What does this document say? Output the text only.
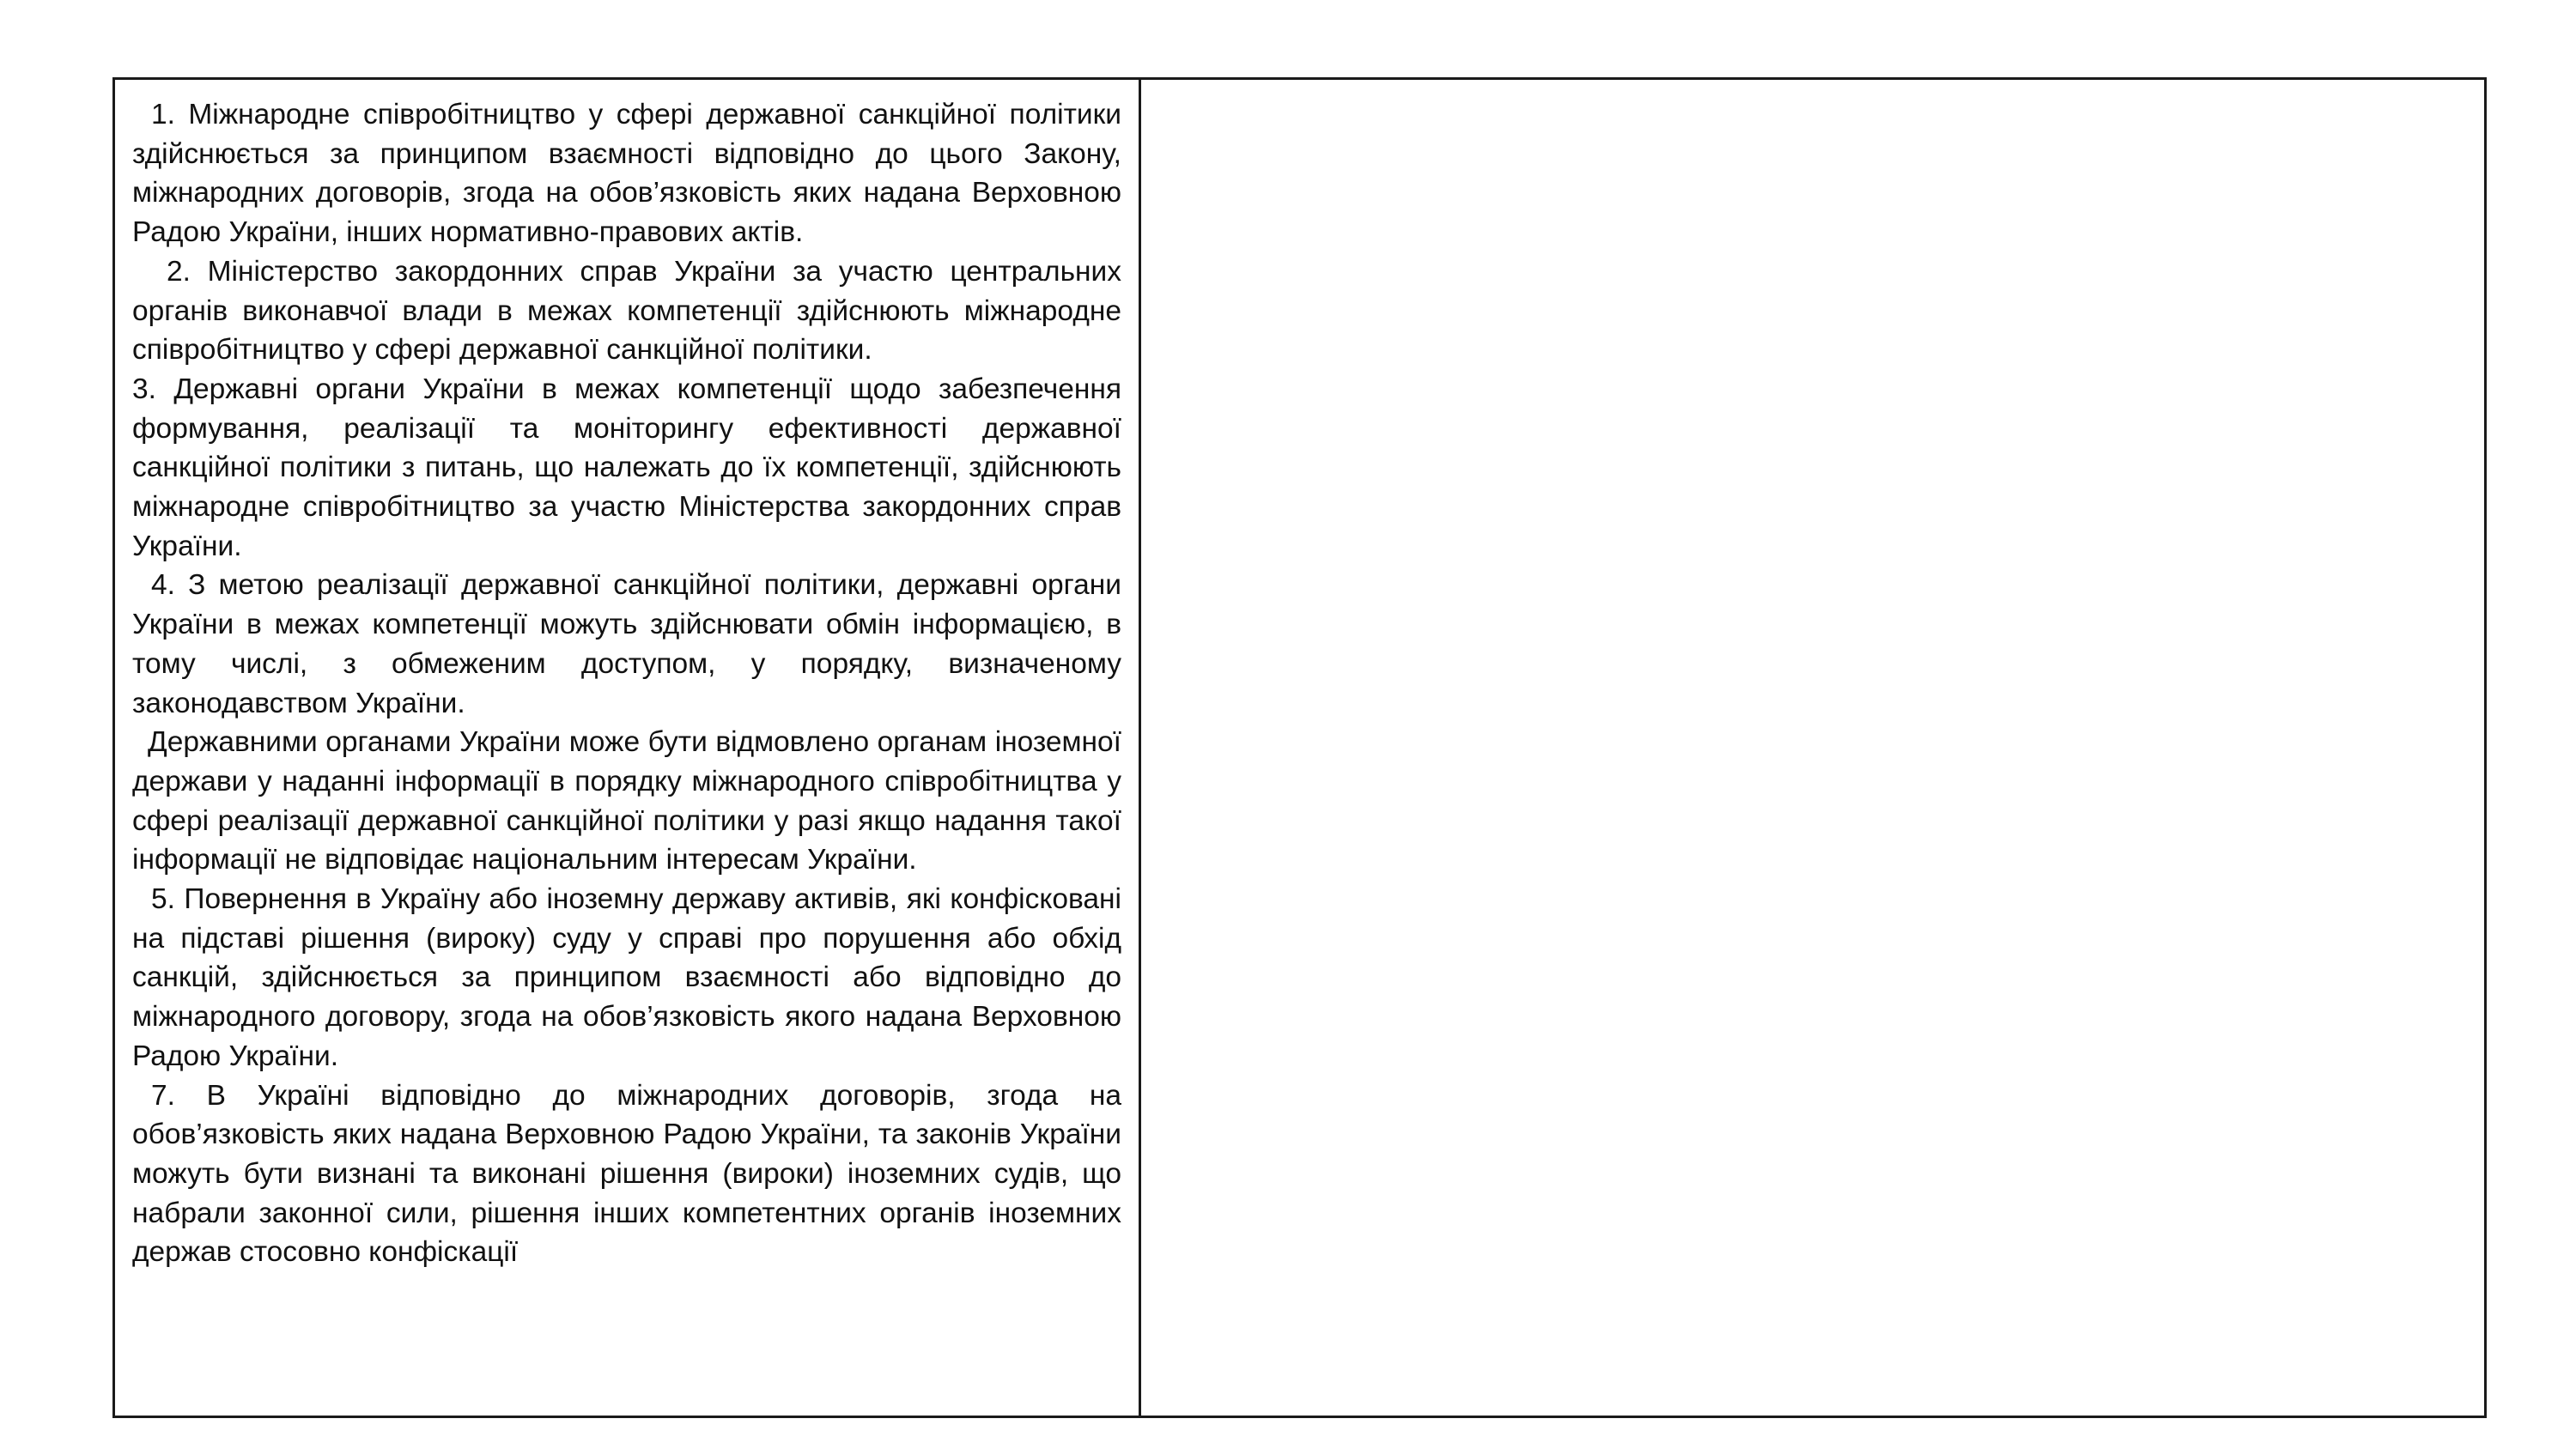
1. Міжнародне співробітництво у сфері державної санкційної політики здійснюється за принципом взаємності відповідно до цього Закону, міжнародних договорів, згода на обов’язковість яких надана Верховною Радою України, інших нормативно-правових актів.

2. Міністерство закордонних справ України за участю центральних органів виконавчої влади в межах компетенції здійснюють міжнародне співробітництво у сфері державної санкційної політики.

3. Державні органи України в межах компетенції щодо забезпечення формування, реалізації та моніторингу ефективності державної санкційної політики з питань, що належать до їх компетенції, здійснюють міжнародне співробітництво за участю Міністерства закордонних справ України.

4. З метою реалізації державної санкційної політики, державні органи України в межах компетенції можуть здійснювати обмін інформацією, в тому числі, з обмеженим доступом, у порядку, визначеному законодавством України.

Державними органами України може бути відмовлено органам іноземної держави у наданні інформації в порядку міжнародного співробітництва у сфері реалізації державної санкційної політики у разі якщо надання такої інформації не відповідає національним інтересам України.

5. Повернення в Україну або іноземну державу активів, які конфісковані на підставі рішення (вироку) суду у справі про порушення або обхід санкцій, здійснюється за принципом взаємності або відповідно до міжнародного договору, згода на обов’язковість якого надана Верховною Радою України.

7. В Україні відповідно до міжнародних договорів, згода на обов’язковість яких надана Верховною Радою України, та законів України можуть бути визнані та виконані рішення (вироки) іноземних судів, що набрали законної сили, рішення інших компетентних органів іноземних держав стосовно конфіскації
